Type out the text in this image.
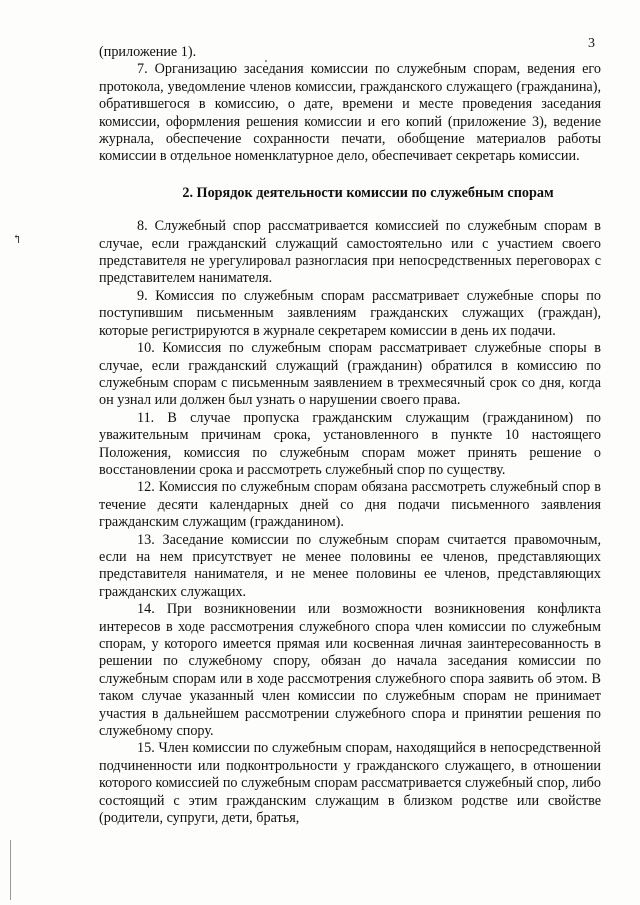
3
↰

(приложение 1).

7. Организацию заседания комиссии по служебным спорам, ведения его протокола, уведомление членов комиссии, гражданского служащего (гражданина), обратившегося в комиссию, о дате, времени и месте проведения заседания комиссии, оформления решения комиссии и его копий (приложение 3), ведение журнала, обеспечение сохранности печати, обобщение материалов работы комиссии в отдельное номенклатурное дело, обеспечивает секретарь комиссии.

2. Порядок деятельности комиссии по служебным спорам

8. Служебный спор рассматривается комиссией по служебным спорам в случае, если гражданский служащий самостоятельно или с участием своего представителя не урегулировал разногласия при непосредственных переговорах с представителем нанимателя.

9. Комиссия по служебным спорам рассматривает служебные споры по поступившим письменным заявлениям гражданских служащих (граждан), которые регистрируются в журнале секретарем комиссии в день их подачи.

10. Комиссия по служебным спорам рассматривает служебные споры в случае, если гражданский служащий (гражданин) обратился в комиссию по служебным спорам с письменным заявлением в трехмесячный срок со дня, когда он узнал или должен был узнать о нарушении своего права.

11. В случае пропуска гражданским служащим (гражданином) по уважительным причинам срока, установленного в пункте 10 настоящего Положения, комиссия по служебным спорам может принять решение о восстановлении срока и рассмотреть служебный спор по существу.

12. Комиссия по служебным спорам обязана рассмотреть служебный спор в течение десяти календарных дней со дня подачи письменного заявления гражданским служащим (гражданином).

13. Заседание комиссии по служебным спорам считается правомочным, если на нем присутствует не менее половины ее членов, представляющих представителя нанимателя, и не менее половины ее членов, представляющих гражданских служащих.

14. При возникновении или возможности возникновения конфликта интересов в ходе рассмотрения служебного спора член комиссии по служебным спорам, у которого имеется прямая или косвенная личная заинтересованность в решении по служебному спору, обязан до начала заседания комиссии по служебным спорам или в ходе рассмотрения служебного спора заявить об этом. В таком случае указанный член комиссии по служебным спорам не принимает участия в дальнейшем рассмотрении служебного спора и принятии решения по служебному спору.

15. Член комиссии по служебным спорам, находящийся в непосредственной подчиненности или подконтрольности у гражданского служащего, в отношении которого комиссией по служебным спорам рассматривается служебный спор, либо состоящий с этим гражданским служащим в близком родстве или свойстве (родители, супруги, дети, братья,
